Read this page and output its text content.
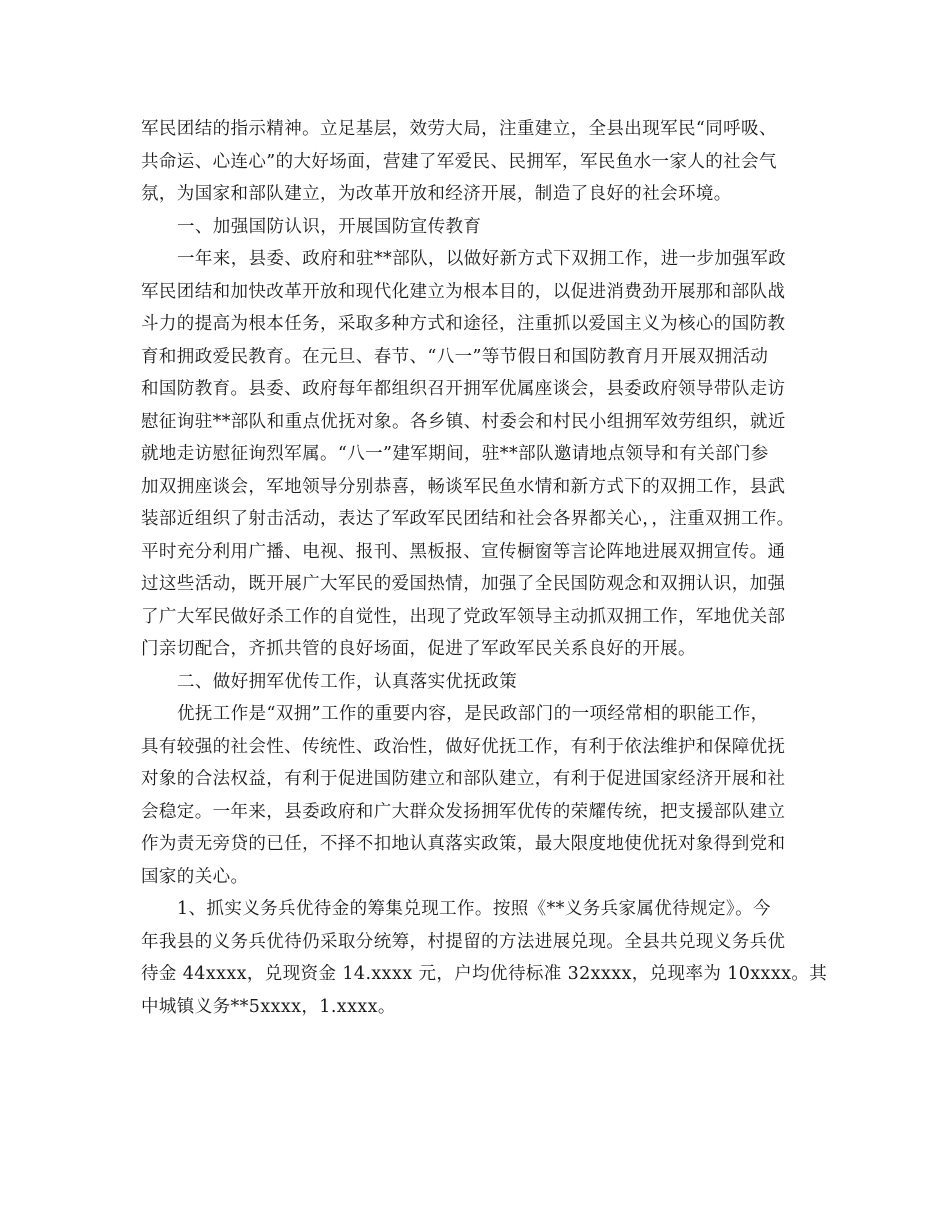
军民团结的指示精神。立足基层，效劳大局，注重建立，全县出现军民“同呼吸、
共命运、心连心”的大好场面，营建了军爱民、民拥军，军民鱼水一家人的社会气
氛，为国家和部队建立，为改革开放和经济开展，制造了良好的社会环境。
一、加强国防认识，开展国防宣传教育
一年来，县委、政府和驻**部队，以做好新方式下双拥工作，进一步加强军政
军民团结和加快改革开放和现代化建立为根本目的，以促进消费劲开展那和部队战
斗力的提高为根本任务，采取多种方式和途径，注重抓以爱国主义为核心的国防教
育和拥政爱民教育。在元旦、春节、“八一”等节假日和国防教育月开展双拥活动
和国防教育。县委、政府每年都组织召开拥军优属座谈会，县委政府领导带队走访
慰征询驻**部队和重点优抚对象。各乡镇、村委会和村民小组拥军效劳组织，就近
就地走访慰征询烈军属。“八一”建军期间，驻**部队邀请地点领导和有关部门参
加双拥座谈会，军地领导分别恭喜，畅谈军民鱼水情和新方式下的双拥工作，县武
装部近组织了射击活动，表达了军政军民团结和社会各界都关心，，注重双拥工作。
平时充分利用广播、电视、报刊、黑板报、宣传橱窗等言论阵地进展双拥宣传。通
过这些活动，既开展广大军民的爱国热情，加强了全民国防观念和双拥认识，加强
了广大军民做好杀工作的自觉性，出现了党政军领导主动抓双拥工作，军地优关部
门亲切配合，齐抓共管的良好场面，促进了军政军民关系良好的开展。
二、做好拥军优传工作，认真落实优抚政策
优抚工作是“双拥”工作的重要内容，是民政部门的一项经常相的职能工作，
具有较强的社会性、传统性、政治性，做好优抚工作，有利于依法维护和保障优抚
对象的合法权益，有利于促进国防建立和部队建立，有利于促进国家经济开展和社
会稳定。一年来，县委政府和广大群众发扬拥军优传的荣耀传统，把支援部队建立
作为责无旁贷的已任，不择不扣地认真落实政策，最大限度地使优抚对象得到党和
国家的关心。
1、抓实义务兵优待金的筹集兑现工作。按照《**义务兵家属优待规定》。今
年我县的义务兵优待仍采取分统筹，村提留的方法进展兑现。全县共兑现义务兵优
待金 44xxxx，兑现资金 14.xxxx 元，户均优待标准 32xxxx，兑现率为 10xxxx。其
中城镇义务**5xxxx，1.xxxx。
